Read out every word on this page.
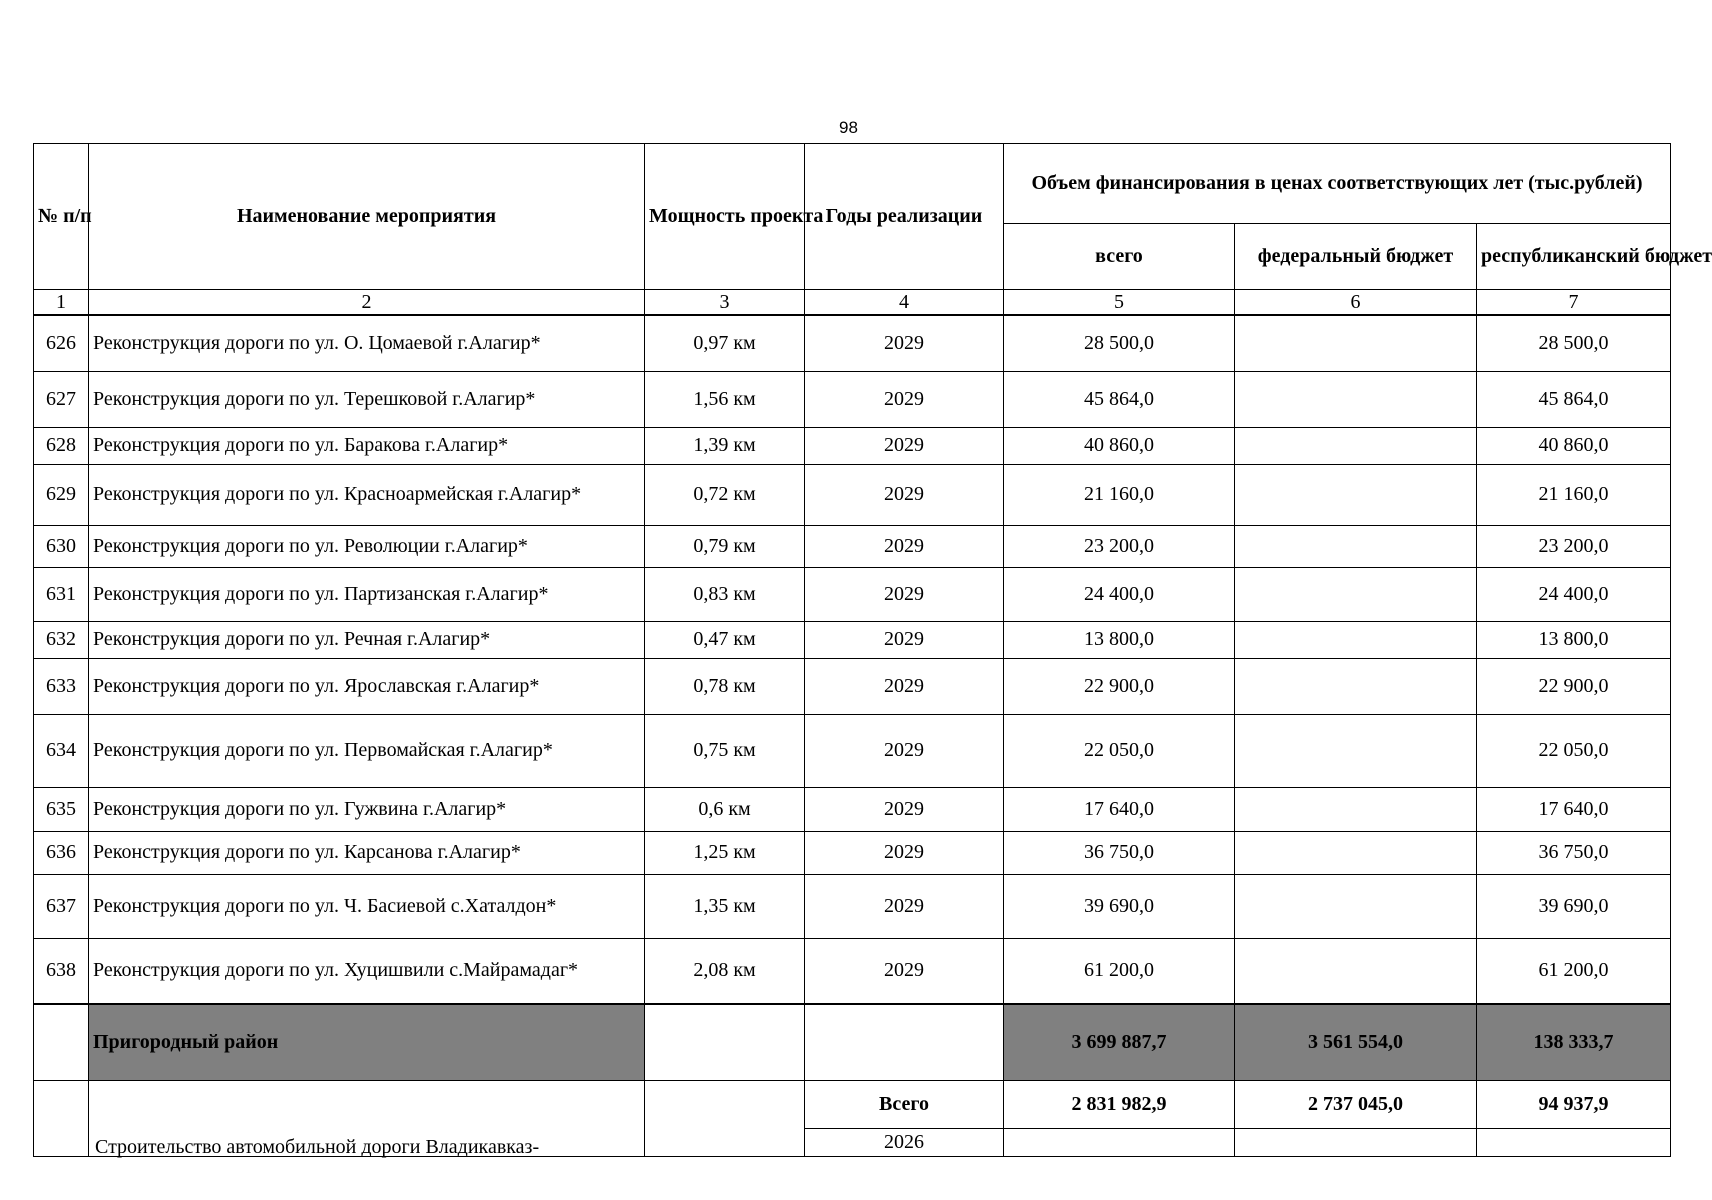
98
№ п/п	Наименование мероприятия	Мощность проекта	Годы реализации	Объем финансирования в ценах соответствующих лет (тыс.рублей)		
				всего	федеральный бюджет	республиканский бюджет
1	2	3	4	5	6	7
626	Реконструкция дороги по ул. О. Цомаевой г.Алагир*	0,97 км	2029	28 500,0		28 500,0
627	Реконструкция дороги по ул. Терешковой г.Алагир*	1,56 км	2029	45 864,0		45 864,0
628	Реконструкция дороги по ул. Баракова г.Алагир*	1,39 км	2029	40 860,0		40 860,0
629	Реконструкция дороги по ул. Красноармейская г.Алагир*	0,72 км	2029	21 160,0		21 160,0
630	Реконструкция дороги по ул. Революции г.Алагир*	0,79 км	2029	23 200,0		23 200,0
631	Реконструкция дороги по ул. Партизанская г.Алагир*	0,83 км	2029	24 400,0		24 400,0
632	Реконструкция дороги по ул. Речная г.Алагир*	0,47 км	2029	13 800,0		13 800,0
633	Реконструкция дороги по ул. Ярославская г.Алагир*	0,78 км	2029	22 900,0		22 900,0
634	Реконструкция дороги по ул. Первомайская г.Алагир*	0,75 км	2029	22 050,0		22 050,0
635	Реконструкция дороги по ул. Гужвина г.Алагир*	0,6 км	2029	17 640,0		17 640,0
636	Реконструкция дороги по ул. Карсанова г.Алагир*	1,25 км	2029	36 750,0		36 750,0
637	Реконструкция дороги по ул. Ч. Басиевой с.Хаталдон*	1,35 км	2029	39 690,0		39 690,0
638	Реконструкция дороги по ул. Хуцишвили с.Майрамадаг*	2,08 км	2029	61 200,0		61 200,0
	Пригородный район			3 699 887,7	3 561 554,0	138 333,7

	Строительство автомобильной дороги Владикавказ-		Всего	2 831 982,9	2 737 045,0	94 937,9
			2026			
